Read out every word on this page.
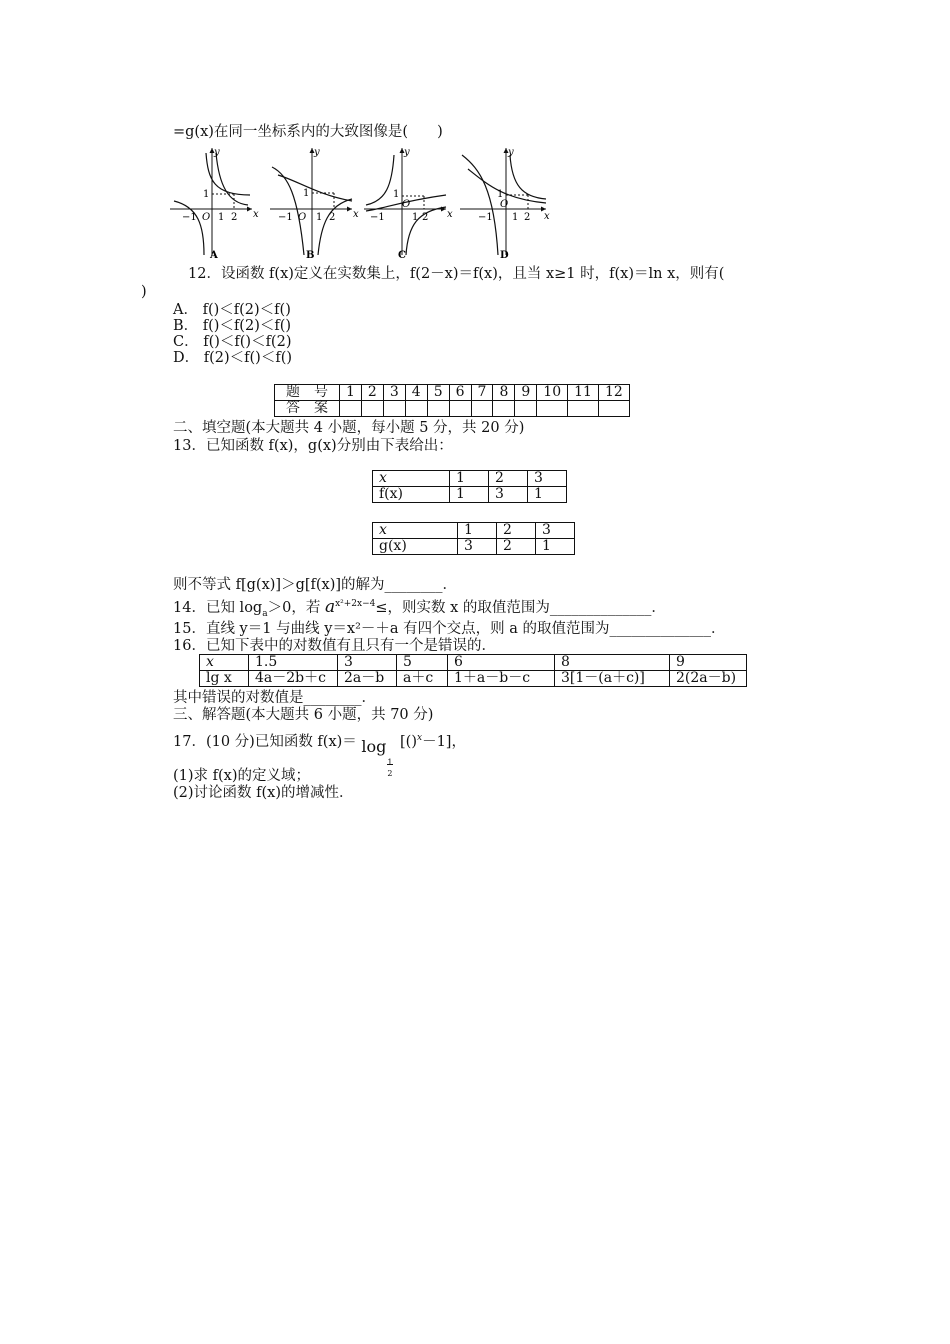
=g(x)在同一坐标系内的大致图像是(　　)
y
x
1
−1 O 1 2
A
y
x
1
−1 O 1 2
B
y
x
1
−1
O
1 2
C
y
x
1
−1
O
1 2
D
12．设函数 f(x)定义在实数集上，f(2－x)＝f(x)，且当 x≥1 时，f(x)＝ln x，则有(
)
A． f()＜f(2)＜f()
B． f()＜f(2)＜f()
C． f()＜f()＜f(2)
D． f(2)＜f()＜f()
题　号	1	2	3	4	5	6	7	8	9	10	11	12
答　案												
二、填空题(本大题共 4 小题，每小题 5 分，共 20 分)
13．已知函数 f(x)，g(x)分别由下表给出：
x	1	2	3
f(x)	1	3	1
x	1	2	3
g(x)	3	2	1
则不等式 f[g(x)]＞g[f(x)]的解为________．
14．已知 $\log_a>0$，若 $a^{x^2+2x-4}\le$，则实数 x 的取值范围为______________．
15．直线 y＝1 与曲线 y＝x²－＋a 有四个交点，则 a 的取值范围为______________．
16．已知下表中的对数值有且只有一个是错误的．
x	1.5	3	5	6	8	9
lg x	4a－2b＋c	2a－b	a＋c	1＋a－b－c	3[1－(a＋c)]	2(2a－b)
其中错误的对数值是________．
三、解答题(本大题共 6 小题，共 70 分)
17．(10 分)已知函数 f(x)＝ log
1
2
[()$^x$－1]，
(1)求 f(x)的定义域；
(2)讨论函数 f(x)的增减性．
